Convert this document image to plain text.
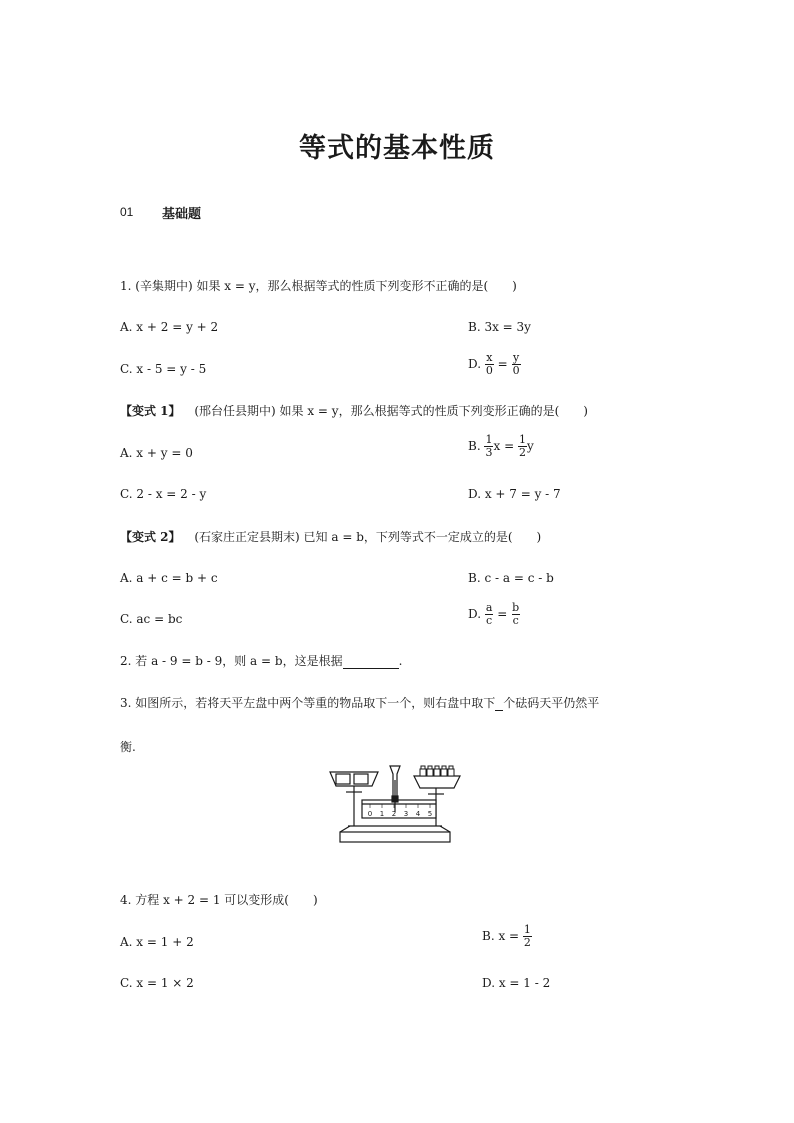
等式的基本性质
01 基础题
1. (辛集期中) 如果 x = y，那么根据等式的性质下列变形不正确的是(　　)
A. x + 2 = y + 2	B. 3x = 3y
C. x - 5 = y - 5	D. $\frac{x}{0} = \frac{y}{0}$
【变式 1】 (邢台任县期中) 如果 x = y，那么根据等式的性质下列变形正确的是(　　)
A. x + y = 0	B. $\frac{1}{3}$ $x = \frac{1}{2}$ y
C. 2 - x = 2 - y	D. x + 7 = y - 7
【变式 2】 (石家庄正定县期末) 已知 a = b，下列等式不一定成立的是(　　)
A. a + c = b + c	B. c - a = c - b
C. ac = bc	D. $\frac{a}{c} = \frac{b}{c}$
2. 若 a - 9 = b - 9，则 a = b，这是根据	.
3. 如图所示，若将天平左盘中两个等重的物品取下一个，则右盘中取下 个砝码天平仍然平
衡.
0 1 2 3 4 5
4. 方程 x + 2 = 1 可以变形成(　　)
A. x = 1 + 2	B. $x = \frac{1}{2}$
C. x = 1 × 2	D. x = 1 - 2
